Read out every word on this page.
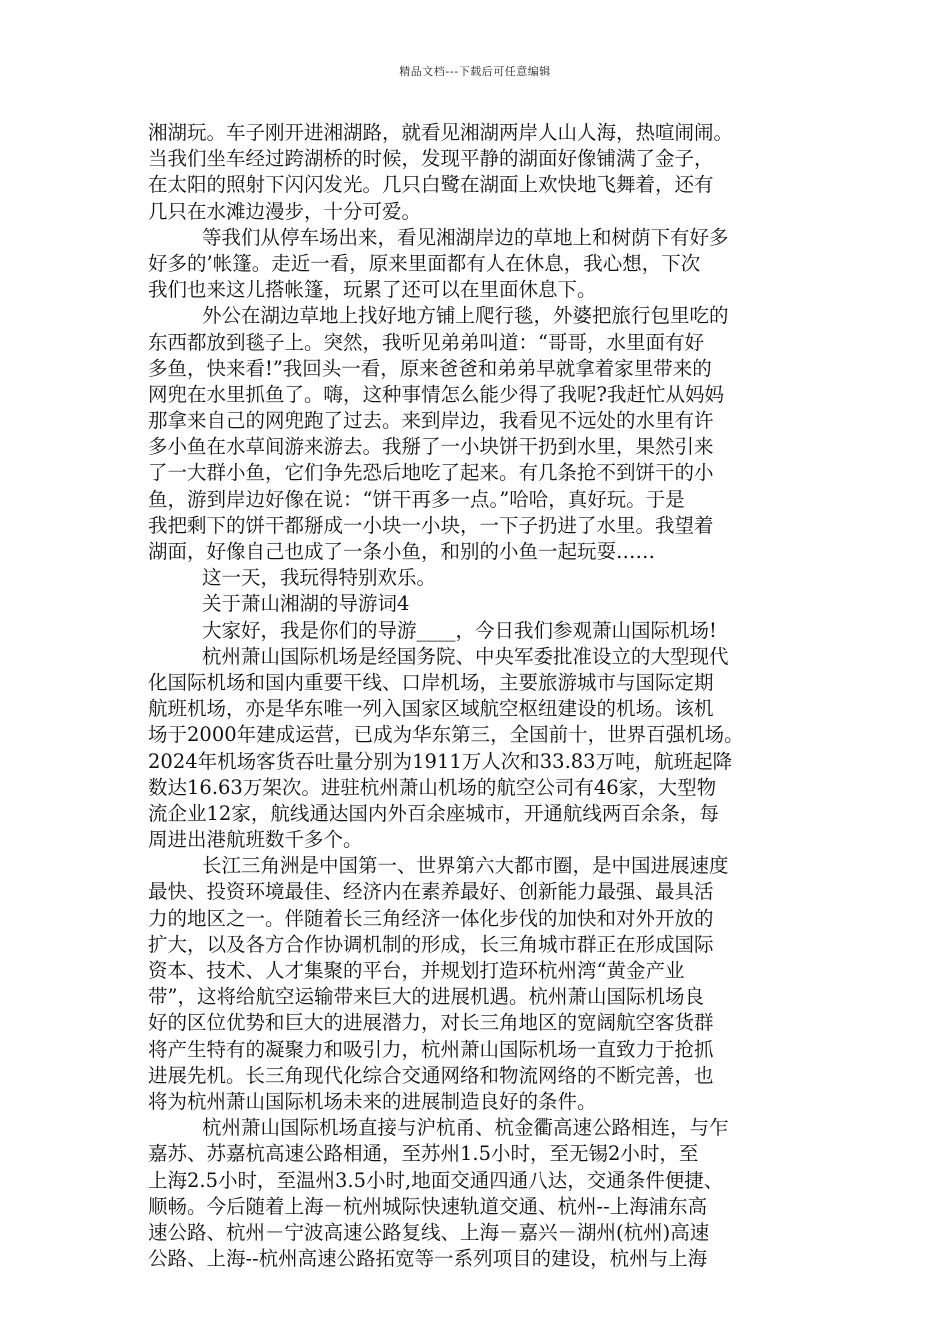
精品文档---下载后可任意编辑
湘湖玩。车子刚开进湘湖路，就看见湘湖两岸人山人海，热喧闹闹。
当我们坐车经过跨湖桥的时候，发现平静的湖面好像铺满了金子，
在太阳的照射下闪闪发光。几只白鹭在湖面上欢快地飞舞着，还有
几只在水滩边漫步，十分可爱。
等我们从停车场出来，看见湘湖岸边的草地上和树荫下有好多
好多的’帐篷。走近一看，原来里面都有人在休息，我心想，下次
我们也来这儿搭帐篷，玩累了还可以在里面休息下。
外公在湖边草地上找好地方铺上爬行毯，外婆把旅行包里吃的
东西都放到毯子上。突然，我听见弟弟叫道：“哥哥，水里面有好
多鱼，快来看!”我回头一看，原来爸爸和弟弟早就拿着家里带来的
网兜在水里抓鱼了。嗨，这种事情怎么能少得了我呢?我赶忙从妈妈
那拿来自己的网兜跑了过去。来到岸边，我看见不远处的水里有许
多小鱼在水草间游来游去。我掰了一小块饼干扔到水里，果然引来
了一大群小鱼，它们争先恐后地吃了起来。有几条抢不到饼干的小
鱼，游到岸边好像在说：“饼干再多一点。”哈哈，真好玩。于是
我把剩下的饼干都掰成一小块一小块，一下子扔进了水里。我望着
湖面，好像自己也成了一条小鱼，和别的小鱼一起玩耍……
这一天，我玩得特别欢乐。
关于萧山湘湖的导游词4
大家好，我是你们的导游____，今日我们参观萧山国际机场!
杭州萧山国际机场是经国务院、中央军委批准设立的大型现代
化国际机场和国内重要干线、口岸机场，主要旅游城市与国际定期
航班机场，亦是华东唯一列入国家区域航空枢纽建设的机场。该机
场于2000年建成运营，已成为华东第三，全国前十，世界百强机场。
2024年机场客货吞吐量分别为1911万人次和33.83万吨，航班起降
数达16.63万架次。进驻杭州萧山机场的航空公司有46家，大型物
流企业12家，航线通达国内外百余座城市，开通航线两百余条，每
周进出港航班数千多个。
长江三角洲是中国第一、世界第六大都市圈，是中国进展速度
最快、投资环境最佳、经济内在素养最好、创新能力最强、最具活
力的地区之一。伴随着长三角经济一体化步伐的加快和对外开放的
扩大，以及各方合作协调机制的形成，长三角城市群正在形成国际
资本、技术、人才集聚的平台，并规划打造环杭州湾“黄金产业
带”，这将给航空运输带来巨大的进展机遇。杭州萧山国际机场良
好的区位优势和巨大的进展潜力，对长三角地区的宽阔航空客货群
将产生特有的凝聚力和吸引力，杭州萧山国际机场一直致力于抢抓
进展先机。长三角现代化综合交通网络和物流网络的不断完善，也
将为杭州萧山国际机场未来的进展制造良好的条件。
杭州萧山国际机场直接与沪杭甬、杭金衢高速公路相连，与乍
嘉苏、苏嘉杭高速公路相通，至苏州1.5小时，至无锡2小时，至
上海2.5小时，至温州3.5小时,地面交通四通八达，交通条件便捷、
顺畅。今后随着上海－杭州城际快速轨道交通、杭州--上海浦东高
速公路、杭州－宁波高速公路复线、上海－嘉兴－湖州(杭州)高速
公路、上海--杭州高速公路拓宽等一系列项目的建设，杭州与上海
